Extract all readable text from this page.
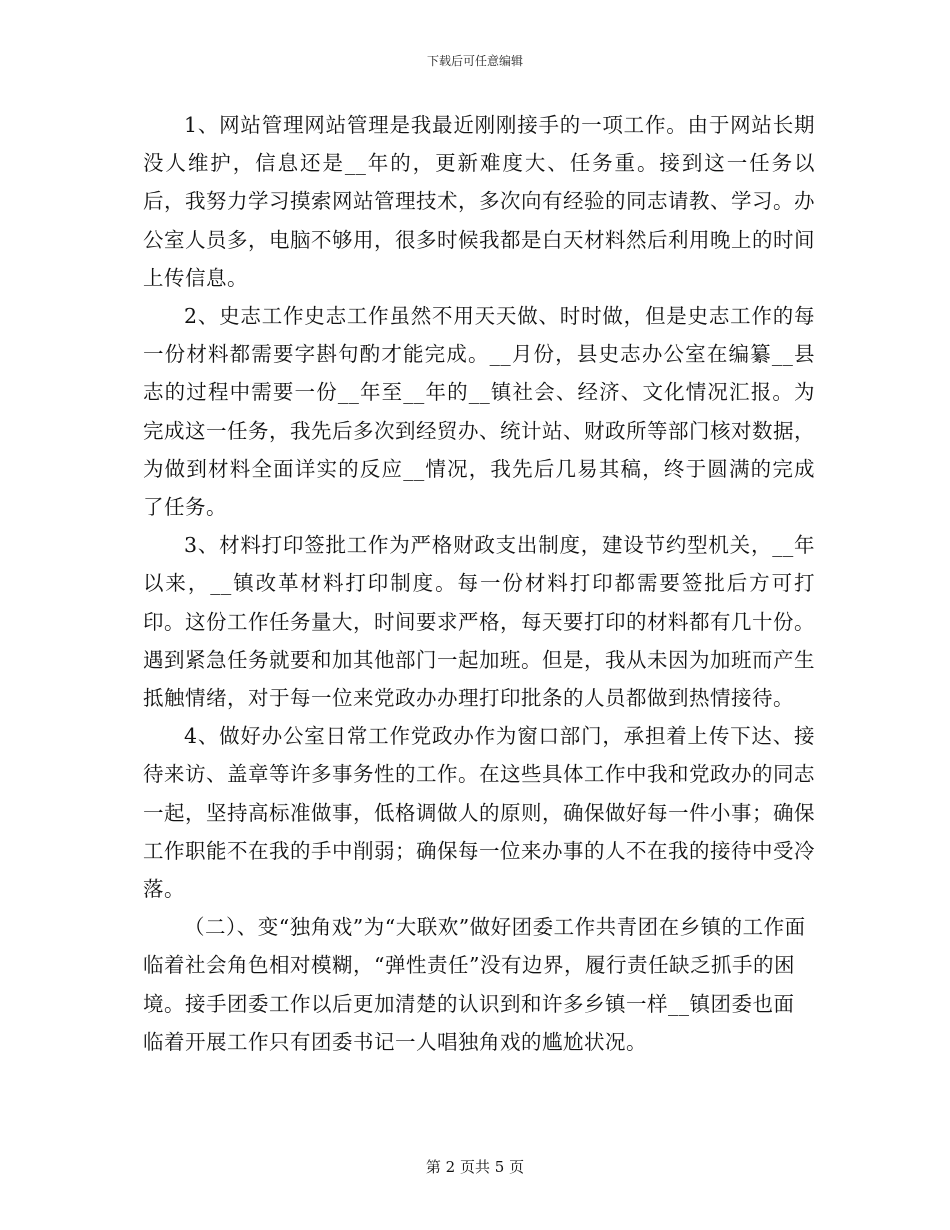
下载后可任意编辑

1、网站管理网站管理是我最近刚刚接手的一项工作。由于网站长期没人维护，信息还是__年的，更新难度大、任务重。接到这一任务以后，我努力学习摸索网站管理技术，多次向有经验的同志请教、学习。办公室人员多，电脑不够用，很多时候我都是白天材料然后利用晚上的时间上传信息。

2、史志工作史志工作虽然不用天天做、时时做，但是史志工作的每一份材料都需要字斟句酌才能完成。__月份，县史志办公室在编纂__县志的过程中需要一份__年至__年的__镇社会、经济、文化情况汇报。为完成这一任务，我先后多次到经贸办、统计站、财政所等部门核对数据，为做到材料全面详实的反应__情况，我先后几易其稿，终于圆满的完成了任务。

3、材料打印签批工作为严格财政支出制度，建设节约型机关，__年以来，__镇改革材料打印制度。每一份材料打印都需要签批后方可打印。这份工作任务量大，时间要求严格，每天要打印的材料都有几十份。遇到紧急任务就要和加其他部门一起加班。但是，我从未因为加班而产生抵触情绪，对于每一位来党政办办理打印批条的人员都做到热情接待。

4、做好办公室日常工作党政办作为窗口部门，承担着上传下达、接待来访、盖章等许多事务性的工作。在这些具体工作中我和党政办的同志一起，坚持高标准做事，低格调做人的原则，确保做好每一件小事；确保工作职能不在我的手中削弱；确保每一位来办事的人不在我的接待中受冷落。

（二）、变“独角戏”为“大联欢”做好团委工作共青团在乡镇的工作面临着社会角色相对模糊，“弹性责任”没有边界，履行责任缺乏抓手的困境。接手团委工作以后更加清楚的认识到和许多乡镇一样__镇团委也面临着开展工作只有团委书记一人唱独角戏的尴尬状况。

第 2 页共 5 页
